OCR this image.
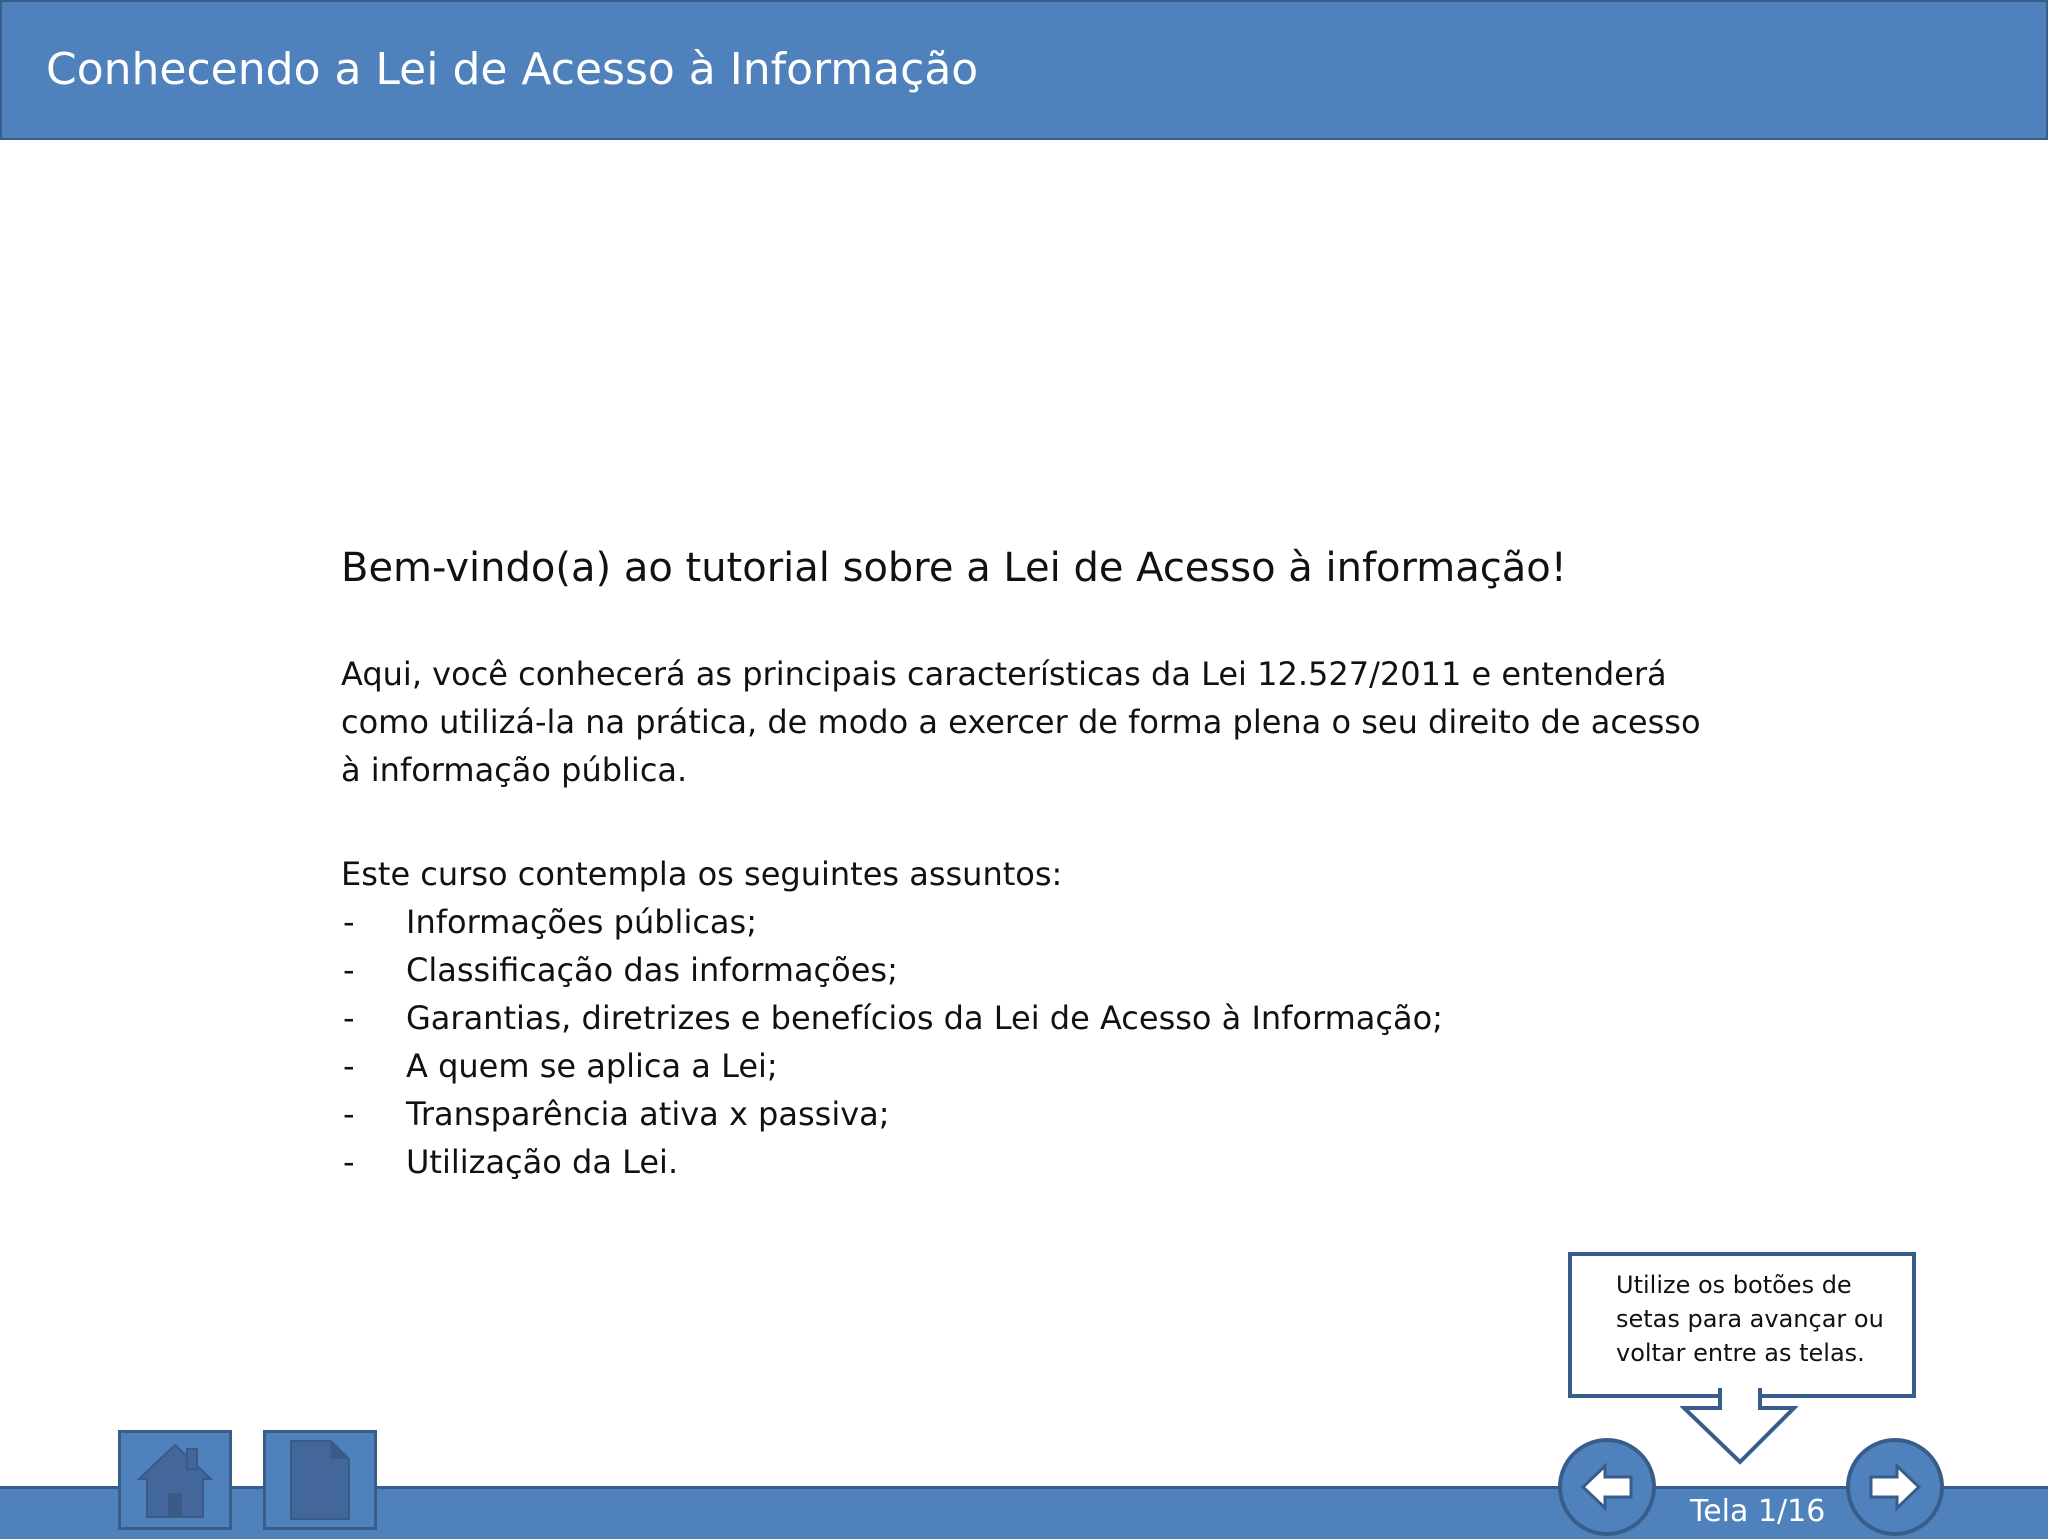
Conhecendo a Lei de Acesso à Informação
Bem-vindo(a) ao tutorial sobre a Lei de Acesso à informação!

Aqui, você conhecerá as principais características da Lei 12.527/2011 e entenderá como utilizá-la na prática, de modo a exercer de forma plena o seu direito de acesso à informação pública.

Este curso contempla os seguintes assuntos:

- Informações públicas;
- Classificação das informações;
- Garantias, diretrizes e benefícios da Lei de Acesso à Informação;
- A quem se aplica a Lei;
- Transparência ativa x passiva;
- Utilização da Lei.
Utilize os botões de setas para avançar ou voltar entre as telas.
Tela 1/16
